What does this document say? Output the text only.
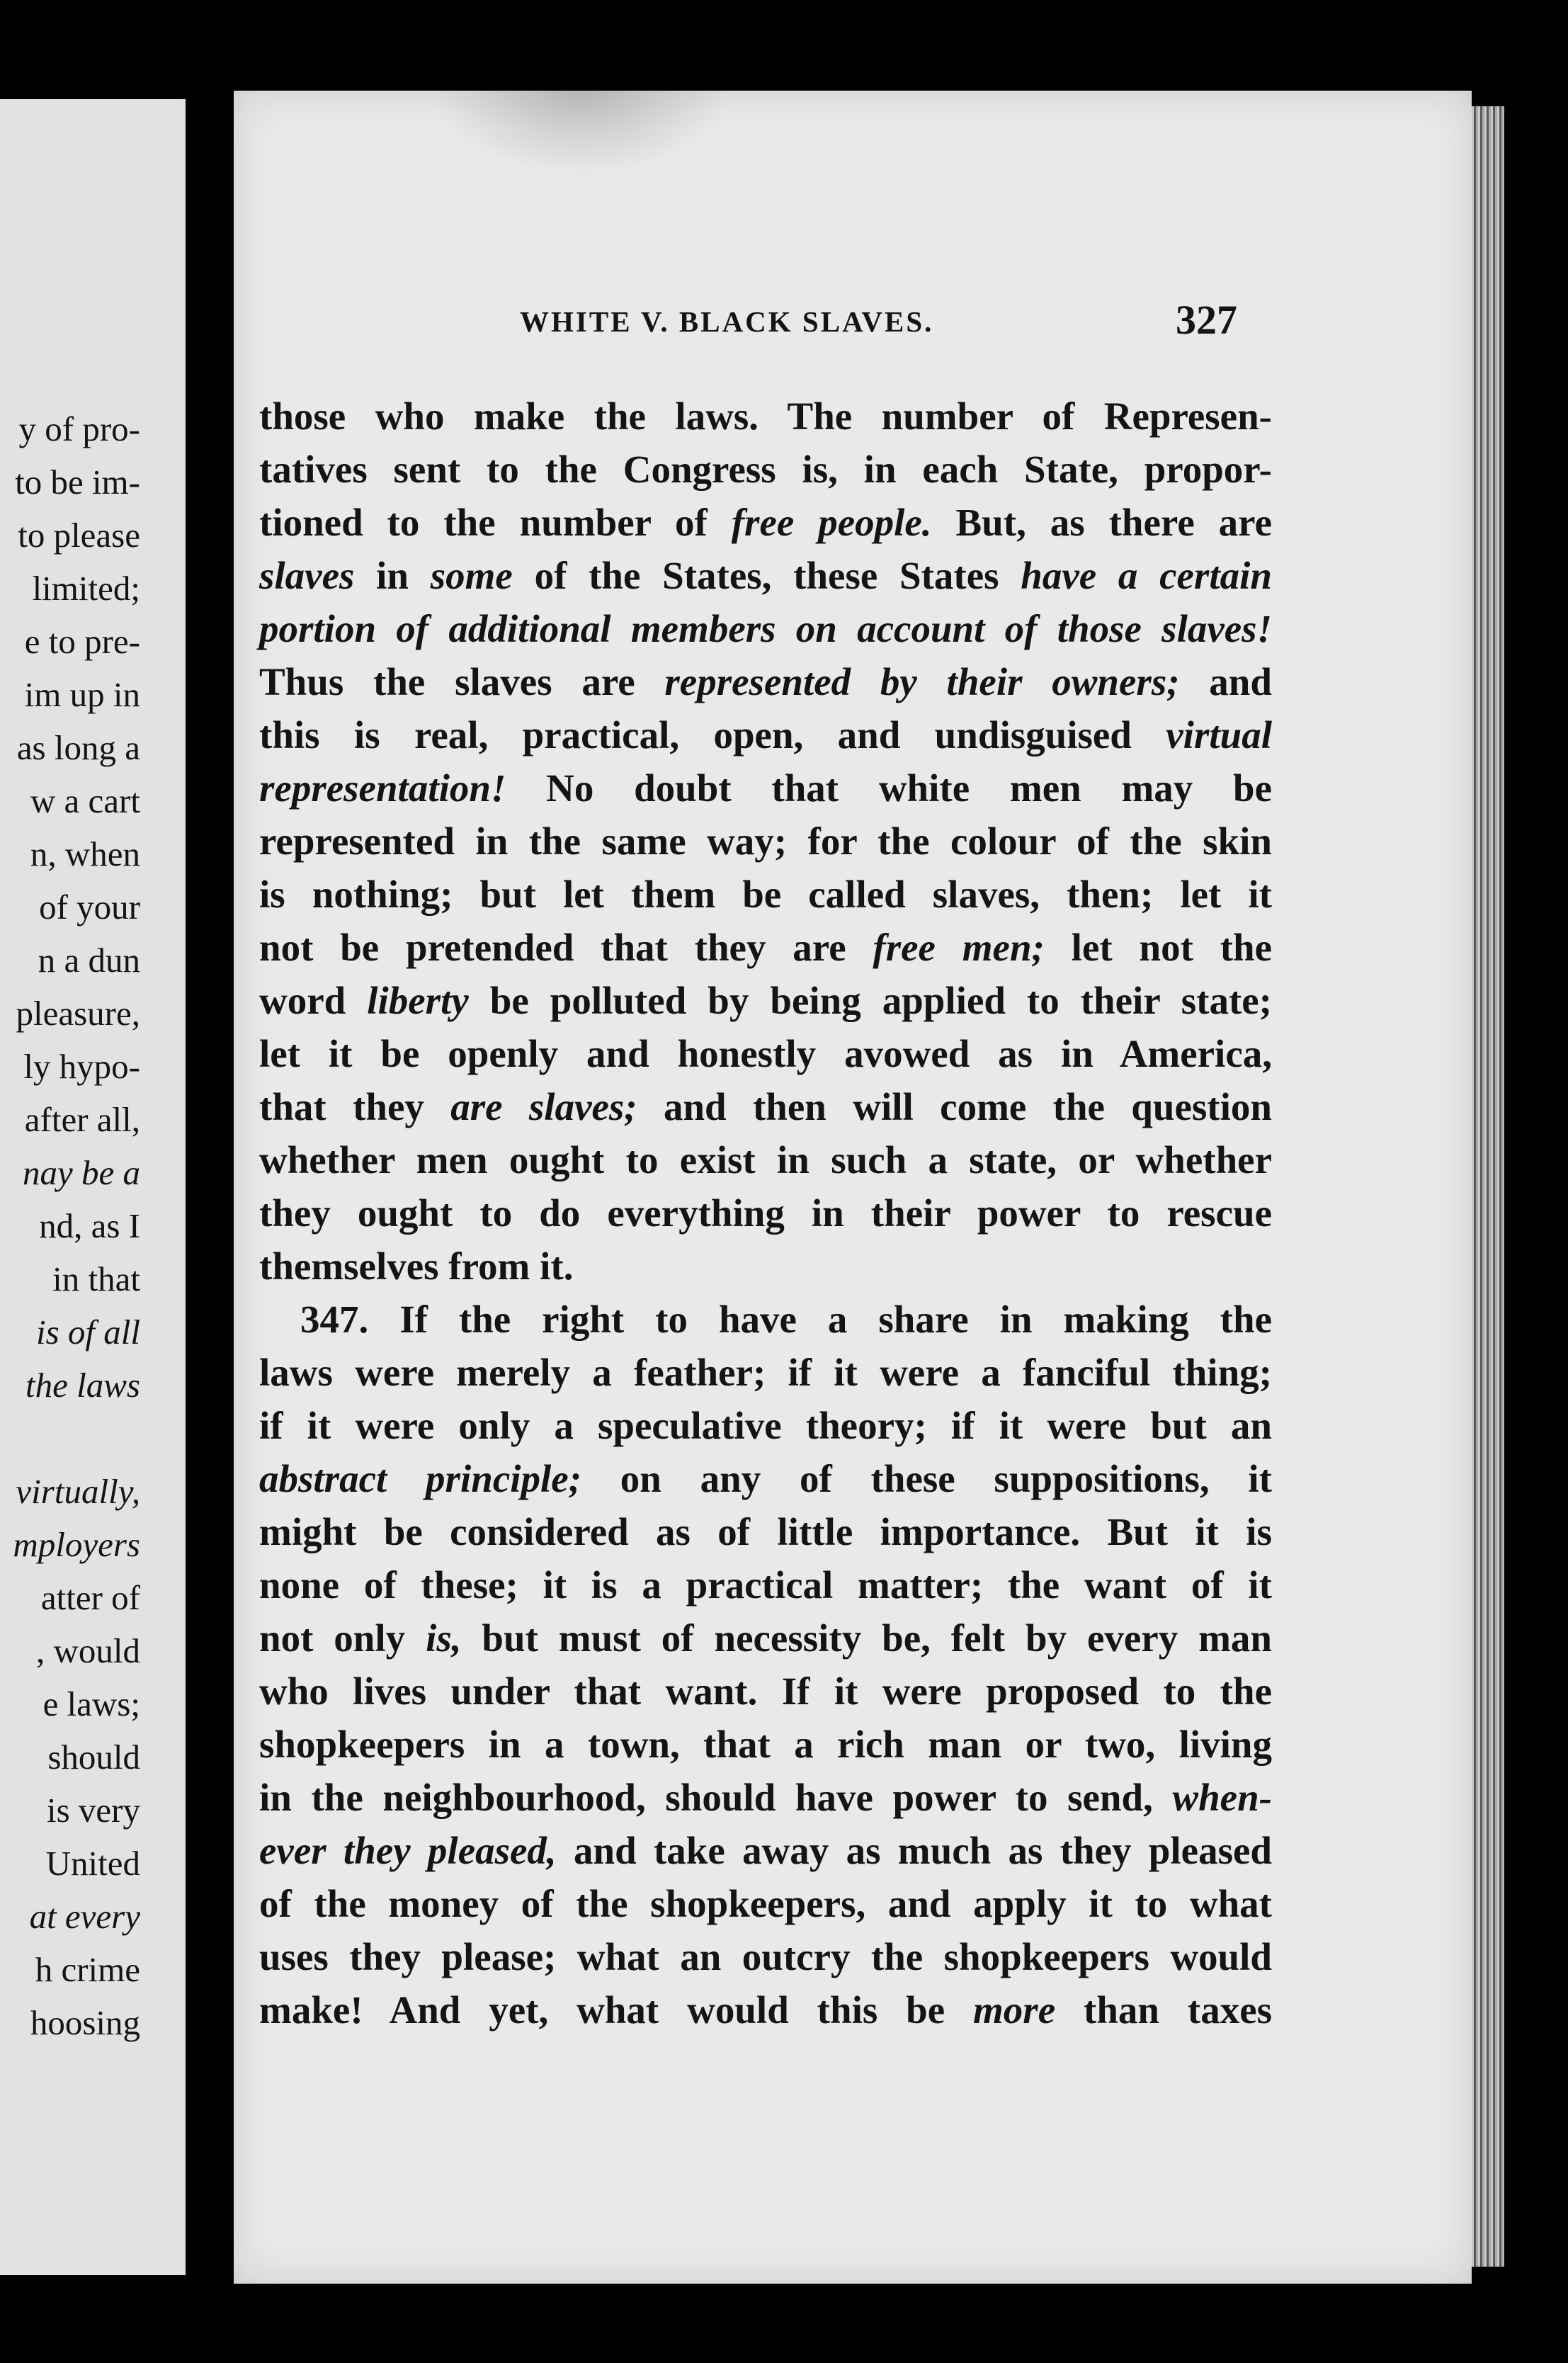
y of pro-
to be im-
to please
limited;
e to pre-
im up in
as long a
w a cart
n, when
of your
n a dun
pleasure,
ly hypo-
after all,
nay be a
nd, as I
in that
is of all
the laws
virtually,
mployers
atter of
, would
e laws;
should
is very
United
at every
h crime
hoosing
WHITE V. BLACK SLAVES.	327
those who make the laws. The number of Represen-
tatives sent to the Congress is, in each State, propor-
tioned to the number of free people. But, as there are
slaves in some of the States, these States have a certain
portion of additional members on account of those slaves!
Thus the slaves are represented by their owners; and
this is real, practical, open, and undisguised virtual
representation! No doubt that white men may be
represented in the same way; for the colour of the skin
is nothing; but let them be called slaves, then; let it
not be pretended that they are free men; let not the
word liberty be polluted by being applied to their state;
let it be openly and honestly avowed as in America,
that they are slaves; and then will come the question
whether men ought to exist in such a state, or whether
they ought to do everything in their power to rescue
themselves from it.
347. If the right to have a share in making the
laws were merely a feather; if it were a fanciful thing;
if it were only a speculative theory; if it were but an
abstract principle; on any of these suppositions, it
might be considered as of little importance. But it is
none of these; it is a practical matter; the want of it
not only is, but must of necessity be, felt by every man
who lives under that want. If it were proposed to the
shopkeepers in a town, that a rich man or two, living
in the neighbourhood, should have power to send, when-
ever they pleased, and take away as much as they pleased
of the money of the shopkeepers, and apply it to what
uses they please; what an outcry the shopkeepers would
make! And yet, what would this be more than taxes
